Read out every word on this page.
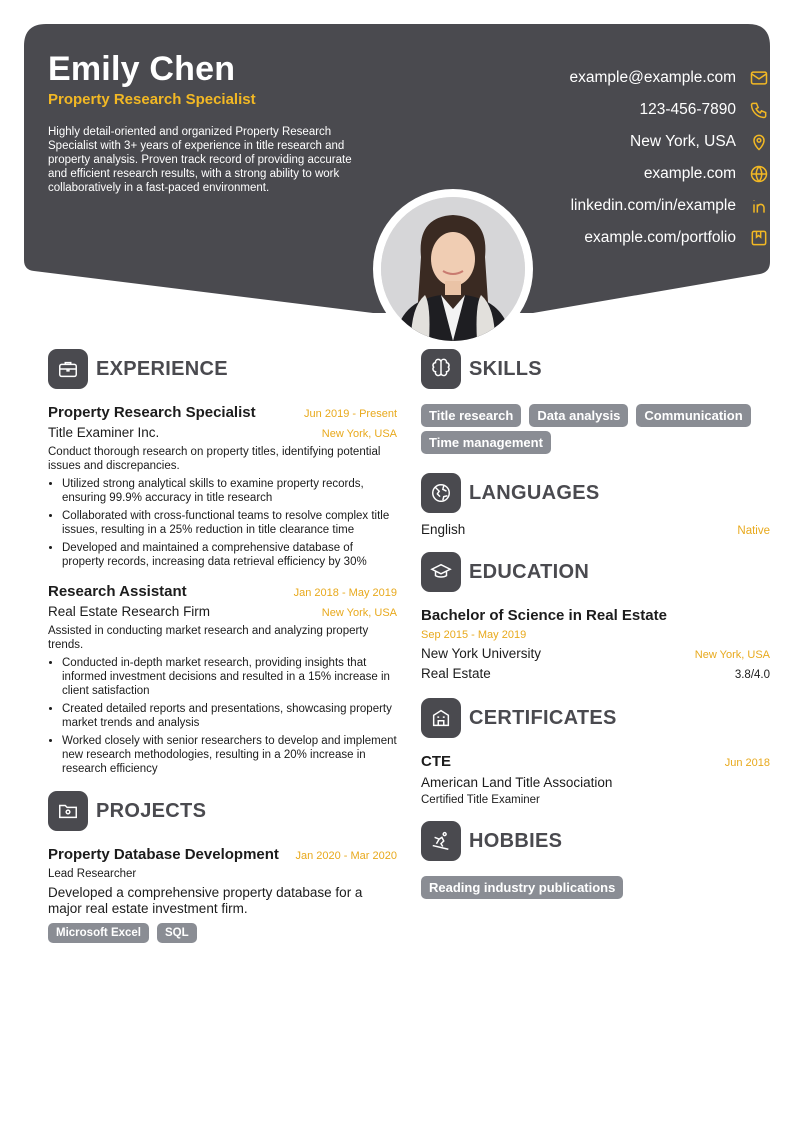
Emily Chen
Property Research Specialist
Highly detail-oriented and organized Property Research Specialist with 3+ years of experience in title research and property analysis. Proven track record of providing accurate and efficient research results, with a strong ability to work collaboratively in a fast-paced environment.
example@example.com
123-456-7890
New York, USA
example.com
linkedin.com/in/example
example.com/portfolio
EXPERIENCE
Property Research Specialist	Jun 2019 - Present
Title Examiner Inc.	New York, USA
Conduct thorough research on property titles, identifying potential issues and discrepancies.
• Utilized strong analytical skills to examine property records, ensuring 99.9% accuracy in title research
• Collaborated with cross-functional teams to resolve complex title issues, resulting in a 25% reduction in title clearance time
• Developed and maintained a comprehensive database of property records, increasing data retrieval efficiency by 30%
Research Assistant	Jan 2018 - May 2019
Real Estate Research Firm	New York, USA
Assisted in conducting market research and analyzing property trends.
• Conducted in-depth market research, providing insights that informed investment decisions and resulted in a 15% increase in client satisfaction
• Created detailed reports and presentations, showcasing property market trends and analysis
• Worked closely with senior researchers to develop and implement new research methodologies, resulting in a 20% increase in research efficiency
PROJECTS
Property Database Development Jan 2020 - Mar 2020
Lead Researcher
Developed a comprehensive property database for a major real estate investment firm.
Microsoft Excel	SQL
SKILLS
Title research	Data analysis	Communication
Time management
LANGUAGES
English	Native
EDUCATION
Bachelor of Science in Real Estate
Sep 2015 - May 2019
New York University	New York, USA
Real Estate	3.8/4.0
CERTIFICATES
CTE	Jun 2018
American Land Title Association
Certified Title Examiner
HOBBIES
Reading industry publications
